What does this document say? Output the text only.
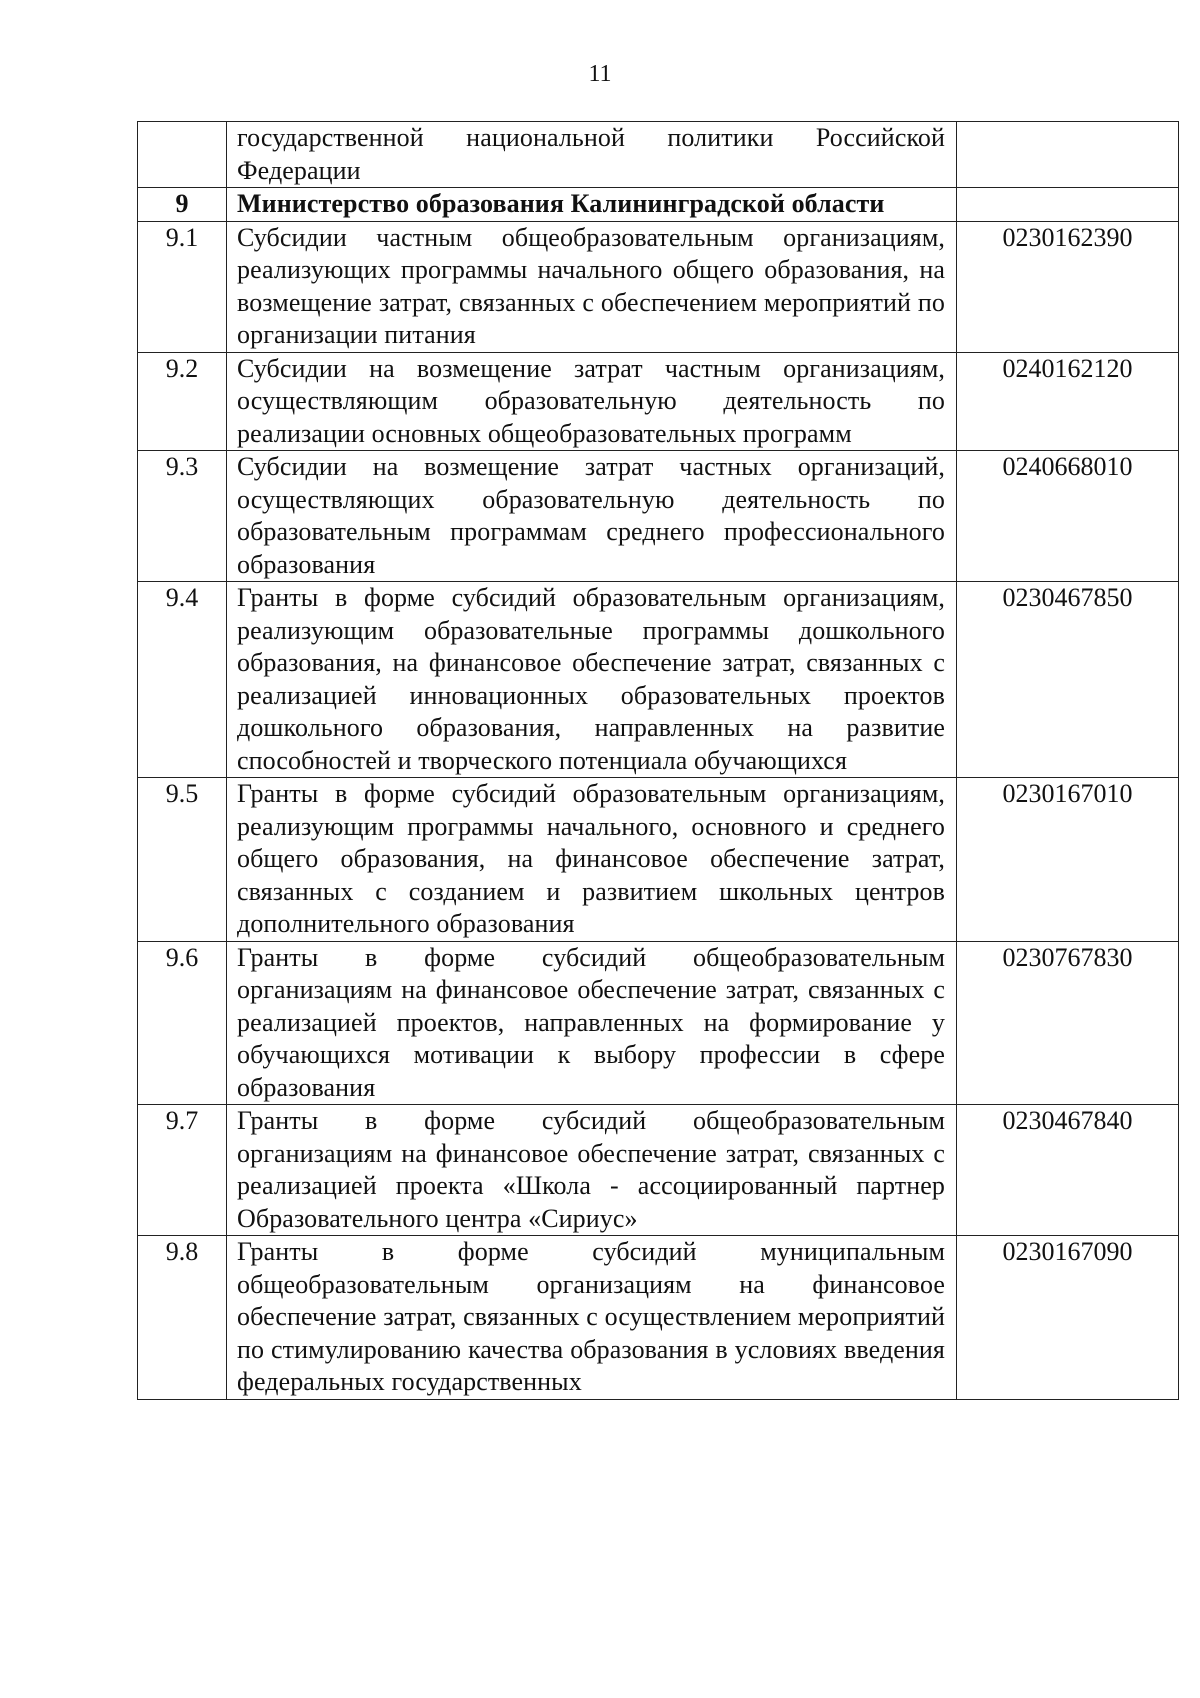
11
	государственной национальной политики Российской Федерации	
9	Министерство образования Калининградской области	
9.1	Субсидии частным общеобразовательным организациям, реализующих программы начального общего образования, на возмещение затрат, связанных с обеспечением мероприятий по организации питания	0230162390
9.2	Субсидии на возмещение затрат частным организациям, осуществляющим образовательную деятельность по реализации основных общеобразовательных программ	0240162120
9.3	Субсидии на возмещение затрат частных организаций, осуществляющих образовательную деятельность по образовательным программам среднего профессионального образования	0240668010
9.4	Гранты в форме субсидий образовательным организациям, реализующим образовательные программы дошкольного образования, на финансовое обеспечение затрат, связанных с реализацией инновационных образовательных проектов дошкольного образования, направленных на развитие способностей и творческого потенциала обучающихся	0230467850
9.5	Гранты в форме субсидий образовательным организациям, реализующим программы начального, основного и среднего общего образования, на финансовое обеспечение затрат, связанных с созданием и развитием школьных центров дополнительного образования	0230167010
9.6	Гранты в форме субсидий общеобразовательным организациям на финансовое обеспечение затрат, связанных с реализацией проектов, направленных на формирование у обучающихся мотивации к выбору профессии в сфере образования	0230767830
9.7	Гранты в форме субсидий общеобразовательным организациям на финансовое обеспечение затрат, связанных с реализацией проекта «Школа - ассоциированный партнер Образовательного центра «Сириус»	0230467840
9.8	Гранты в форме субсидий муниципальным общеобразовательным организациям на финансовое обеспечение затрат, связанных с осуществлением мероприятий по стимулированию качества образования в условиях введения федеральных государственных	0230167090
